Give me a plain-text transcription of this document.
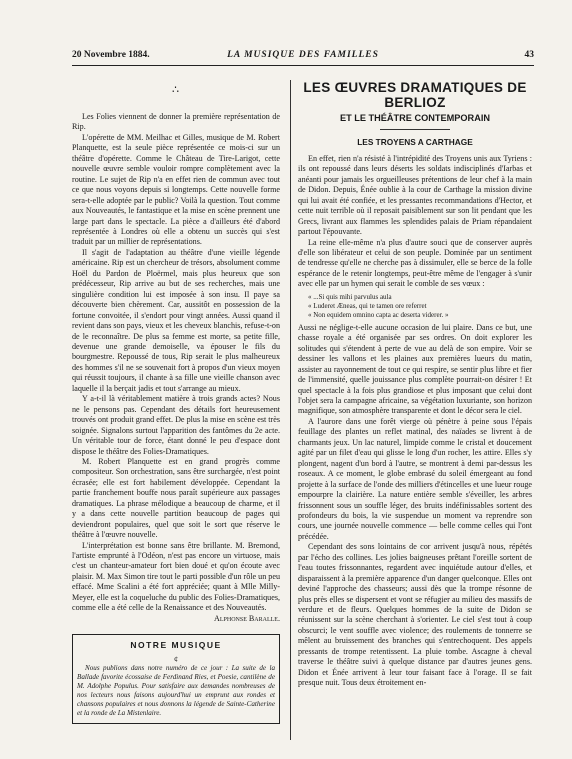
20 Novembre 1884.	LA MUSIQUE DES FAMILLES	43
∴

Les Folies viennent de donner la première représentation de Rip.

L'opérette de MM. Meilhac et Gilles, musique de M. Robert Planquette, est la seule pièce représentée ce mois-ci sur un théâtre d'opérette. Comme le Château de Tire-Larigot, cette nouvelle œuvre semble vouloir rompre complètement avec la routine. Le sujet de Rip n'a en effet rien de commun avec tout ce que nous voyons depuis si longtemps. Cette nouvelle forme sera-t-elle adoptée par le public? Voilà la question. Tout comme aux Nouveautés, le fantastique et la mise en scène prennent une large part dans le spectacle. La pièce a d'ailleurs été d'abord représentée à Londres où elle a obtenu un succès qui s'est traduit par un millier de représentations.

Il s'agit de l'adaptation au théâtre d'une vieille légende américaine. Rip est un chercheur de trésors, absolument comme Hoël du Pardon de Ploërmel, mais plus heureux que son prédécesseur, Rip arrive au but de ses recherches, mais une singulière condition lui est imposée à son insu. Il paye sa découverte bien chèrement. Car, aussitôt en possession de la fortune convoitée, il s'endort pour vingt années. Aussi quand il revient dans son pays, vieux et les cheveux blanchis, refuse-t-on de le reconnaître. De plus sa femme est morte, sa petite fille, devenue une grande demoiselle, va épouser le fils du bourgmestre. Repoussé de tous, Rip serait le plus malheureux des hommes s'il ne se souvenait fort à propos d'un vieux moyen qui réussit toujours, il chante à sa fille une vieille chanson avec laquelle il la berçait jadis et tout s'arrange au mieux.

Y a-t-il là véritablement matière à trois grands actes? Nous ne le pensons pas. Cependant des détails fort heureusement trouvés ont produit grand effet. De plus la mise en scène est très soignée. Signalons surtout l'apparition des fantômes du 2e acte. Un véritable tour de force, étant donné le peu d'espace dont dispose le théâtre des Folies-Dramatiques.

M. Robert Planquette est en grand progrès comme compositeur. Son orchestration, sans être surchargée, n'est point écrasée; elle est fort habilement développée. Cependant la partie franchement bouffe nous paraît supérieure aux passages dramatiques. La phrase mélodique a beaucoup de charme, et il y a dans cette nouvelle partition beaucoup de pages qui deviendront populaires, quel que soit le sort que réserve le théâtre à l'œuvre nouvelle.

L'interprétation est bonne sans être brillante. M. Bremond, l'artiste emprunté à l'Odéon, n'est pas encore un virtuose, mais c'est un chanteur-amateur fort bien doué et qu'on écoute avec plaisir. M. Max Simon tire tout le parti possible d'un rôle un peu effacé. Mme Scalini a été fort appréciée; quant à Mlle Milly-Meyer, elle est la coqueluche du public des Folies-Dramatiques, comme elle a été celle de la Renaissance et des Nouveautés.

Alphonse Baralle.

NOTRE MUSIQUE
¢

Nous publions dans notre numéro de ce jour : La suite de la Ballade favorite écossaise de Ferdinand Ries, et Poesie, cantilène de M. Adolphe Populus. Pour satisfaire aux demandes nombreuses de nos lecteurs nous faisons aujourd'hui un emprunt aux rondes et chansons populaires et nous donnons la légende de Sainte-Catherine et la ronde de La Mistenlaire.

LES ŒUVRES DRAMATIQUES DE BERLIOZ
ET LE THÉÂTRE CONTEMPORAIN
LES TROYENS A CARTHAGE

En effet, rien n'a résisté à l'intrépidité des Troyens unis aux Tyriens : ils ont repoussé dans leurs déserts les soldats indisciplinés d'Iarbas et anéanti pour jamais les orgueilleuses prétentions de leur chef à la main de Didon. Depuis, Énée oublie à la cour de Carthage la mission divine qui lui avait été confiée, et les pressantes recommandations d'Hector, et cette nuit terrible où il reposait paisiblement sur son lit pendant que les Grecs, livrant aux flammes les splendides palais de Priam répandaient partout l'épouvante.

La reine elle-même n'a plus d'autre souci que de conserver auprès d'elle son libérateur et celui de son peuple. Dominée par un sentiment de tendresse qu'elle ne cherche pas à dissimuler, elle se berce de la folle espérance de le retenir longtemps, peut-être même de l'engager à s'unir avec elle par un hymen qui serait le comble de ses vœux :

« ...Si quis mihi parvulus aula
« Luderet Æneas, qui te tamen ore referret
« Non equidem omnino capta ac deserta viderer. »

Aussi ne néglige-t-elle aucune occasion de lui plaire. Dans ce but, une chasse royale a été organisée par ses ordres. On doit explorer les solitudes qui s'étendent à perte de vue au delà de son empire. Voir se dessiner les vallons et les plaines aux premières lueurs du matin, assister au rayonnement de tout ce qui respire, se sentir plus libre et fier de l'immensité, quelle jouissance plus complète pourrait-on désirer ! Et quel spectacle à la fois plus grandiose et plus imposant que celui dont l'objet sera la campagne africaine, sa végétation luxuriante, son horizon magnifique, son atmosphère transparente et dont le décor sera le ciel.

A l'aurore dans une forêt vierge où pénètre à peine sous l'épais feuillage des plantes un reflet matinal, des naïades se livrent à de charmants jeux. Un lac naturel, limpide comme le cristal et doucement agité par un filet d'eau qui glisse le long d'un rocher, les attire. Elles s'y plongent, nagent d'un bord à l'autre, se montrent à demi par-dessus les roseaux. A ce moment, le globe embrasé du soleil émergeant au fond projette à la surface de l'onde des milliers d'étincelles et une lueur rouge empourpre la clairière. La nature entière semble s'éveiller, les arbres frissonnent sous un souffle léger, des bruits indéfinissables sortent des profondeurs du bois, la vie suspendue un moment va reprendre son cours, une journée nouvelle commence — belle comme celles qui l'ont précédée.

Cependant des sons lointains de cor arrivent jusqu'à nous, répétés par l'écho des collines. Les jolies baigneuses prêtant l'oreille sortent de l'eau toutes frissonnantes, regardent avec inquiétude autour d'elles, et disparaissent à la première apparence d'un danger quelconque. Elles ont deviné l'approche des chasseurs; aussi dès que la trompe résonne de plus près elles se dispersent et vont se réfugier au milieu des massifs de verdure et de fleurs. Quelques hommes de la suite de Didon se réunissent sur la scène cherchant à s'orienter. Le ciel s'est tout à coup obscurci; le vent souffle avec violence; des roulements de tonnerre se mêlent au bruissement des branches qui s'entrechoquent. Des appels pressants de trompe retentissent. La pluie tombe. Ascagne à cheval traverse le théâtre suivi à quelque distance par d'autres jeunes gens. Didon et Énée arrivent à leur tour faisant face à l'orage. Il se fait presque nuit. Tous deux étroitement en-
